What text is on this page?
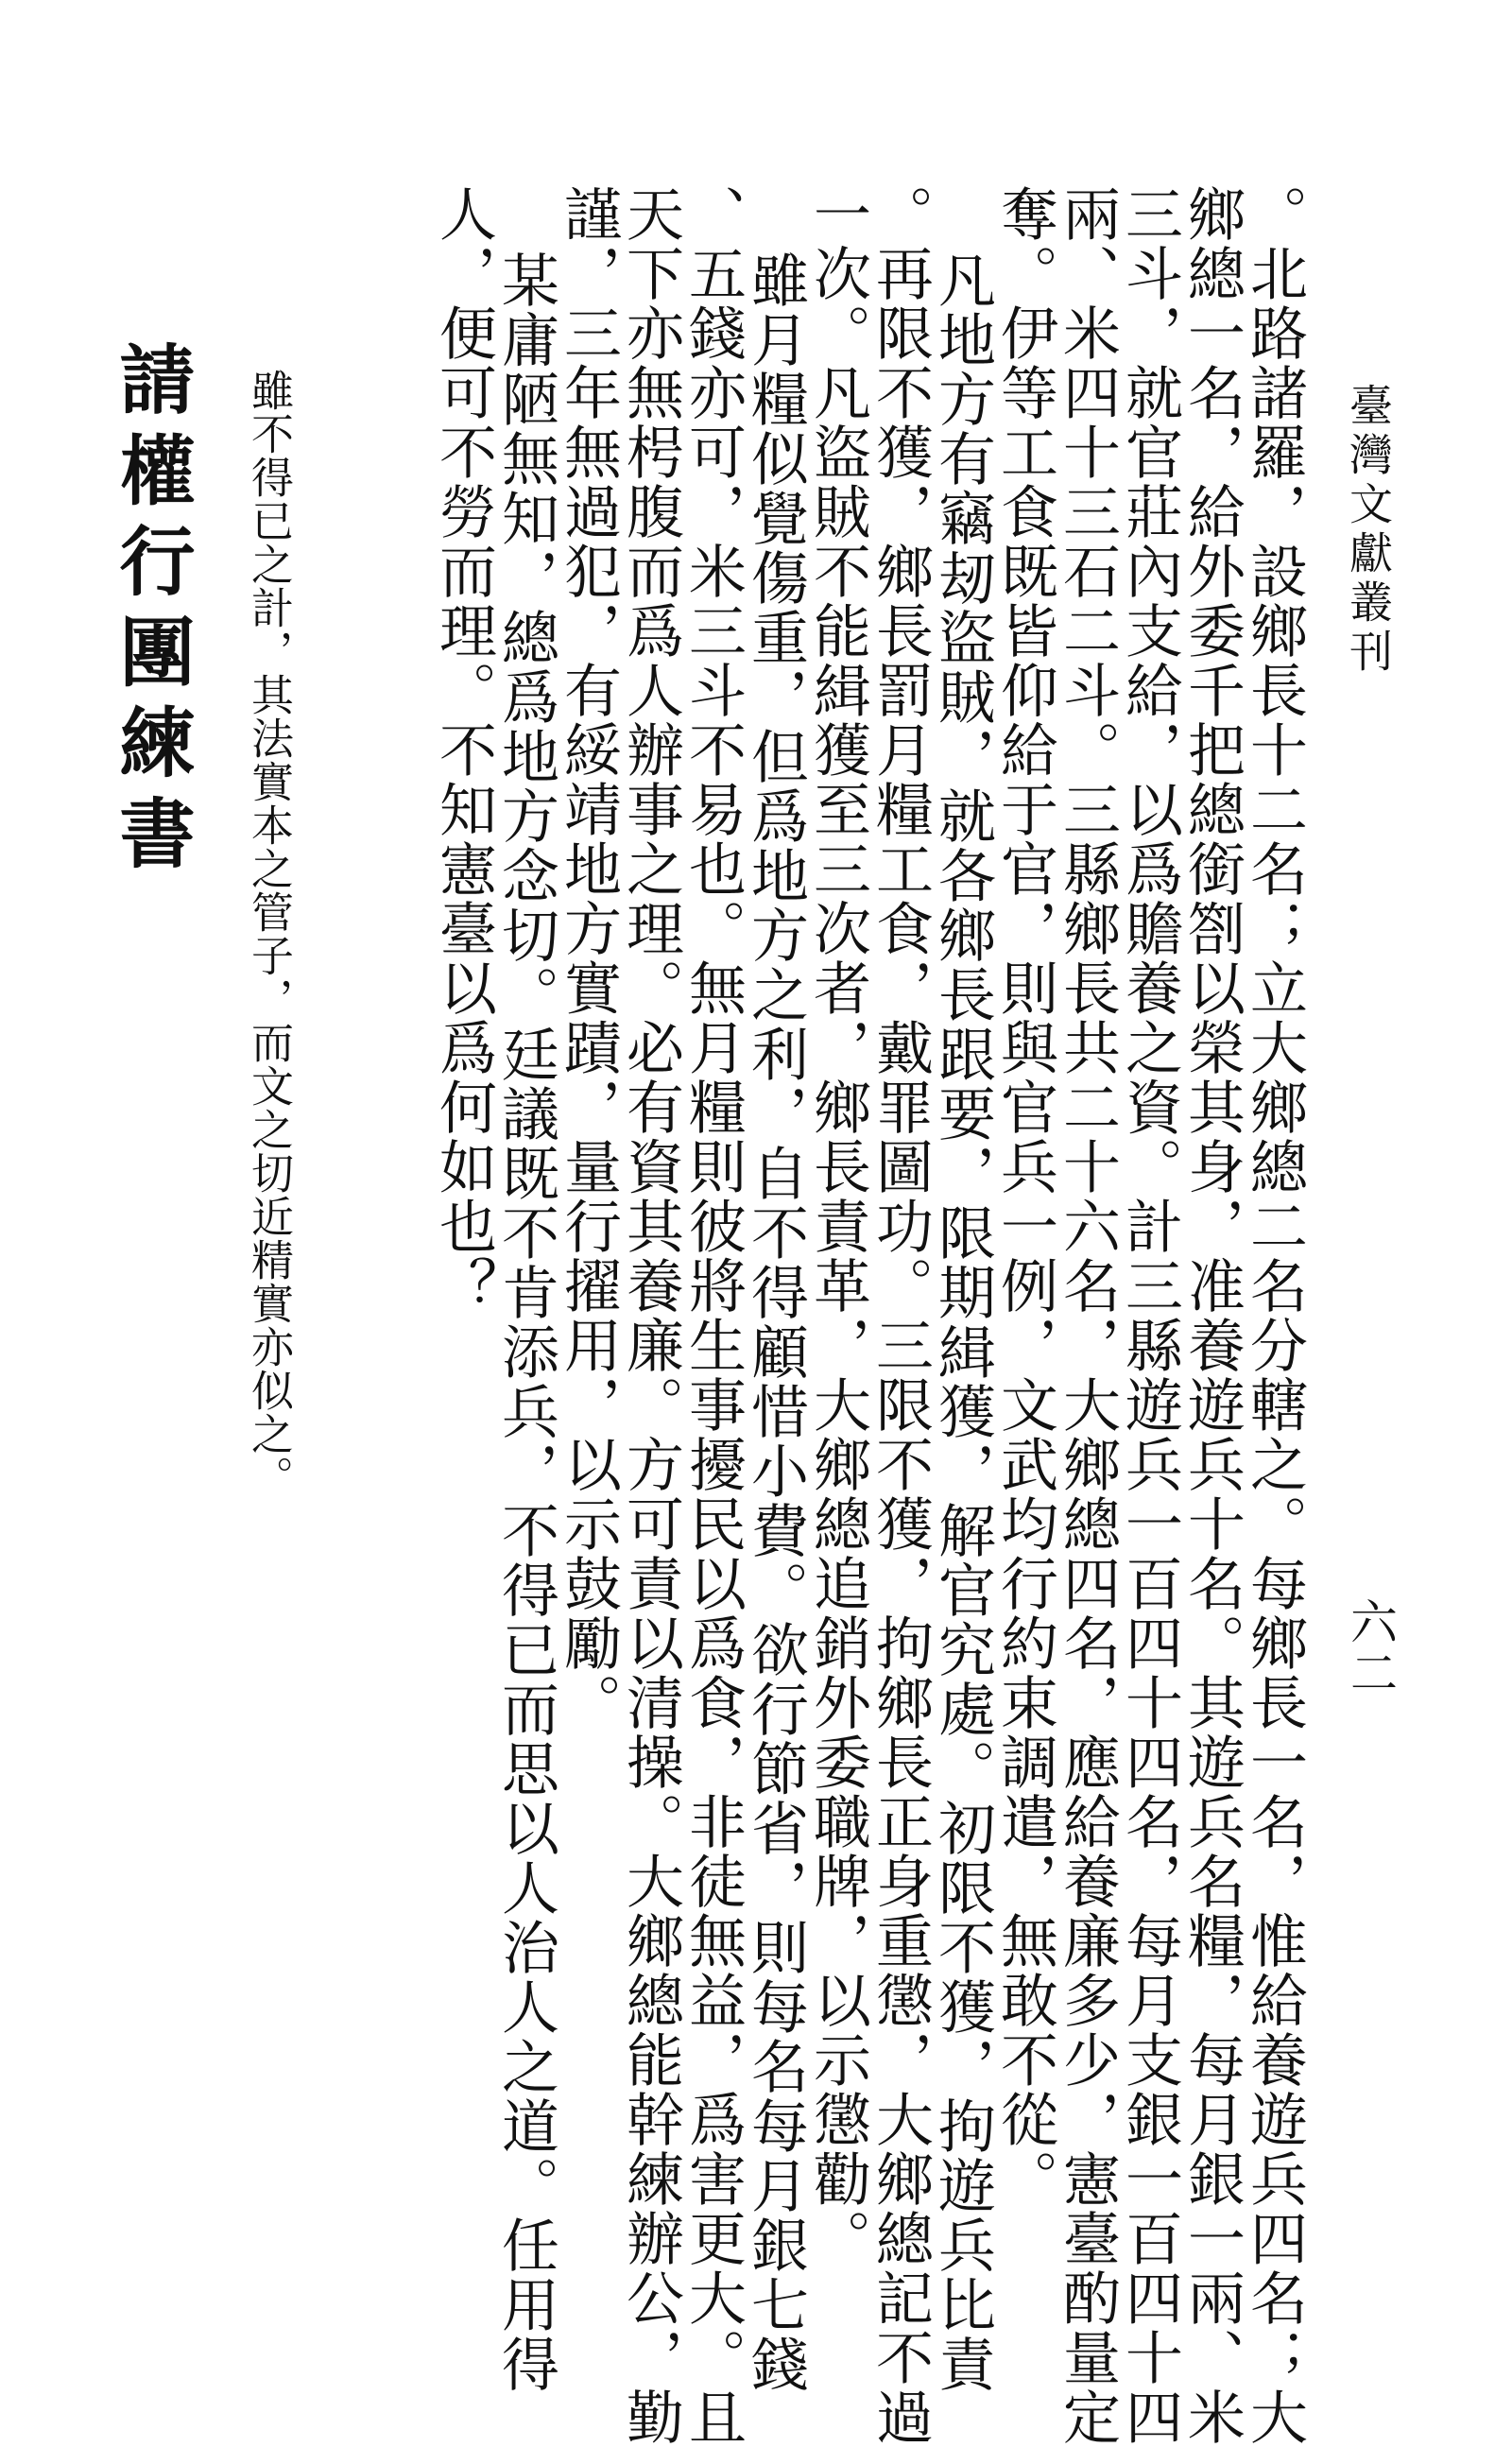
臺灣文獻叢刊
六二
。北路諸羅，設鄉長十二名；立大鄉總二名分轄之。每鄉長一名，惟給養遊兵四名；大
鄉總一名，給外委千把總銜劄以榮其身，准養遊兵十名。其遊兵名糧，每月銀一兩、米
三斗，就官莊內支給，以爲贍養之資。計三縣遊兵一百四十四名，每月支銀一百四十四
兩、米四十三石二斗。三縣鄉長共二十六名，大鄉總四名，應給養廉多少，憲臺酌量定
奪。伊等工食既皆仰給于官，則與官兵一例，文武均行約束調遣，無敢不從。
凡地方有竊刼盜賊，就各鄉長跟要，限期緝獲，解官究處。初限不獲，拘遊兵比責
。再限不獲，鄉長罰月糧工食，戴罪圖功。三限不獲，拘鄉長正身重懲，大鄉總記不過
一次。凡盜賊不能緝獲至三次者，鄉長責革，大鄉總追銷外委職牌，以示懲勸。
雖月糧似覺傷重，但爲地方之利，自不得顧惜小費。欲行節省，則每名每月銀七錢
、五錢亦可，米三斗不易也。無月糧則彼將生事擾民以爲食，非徒無益，爲害更大。且
天下亦無枵腹而爲人辦事之理。必有資其養廉。方可責以清操。大鄉總能幹練辦公，勤
謹，三年無過犯，有綏靖地方實蹟，量行擢用，以示鼓勵。
某庸陋無知，總爲地方念切。廷議既不肯添兵，不得已而思以人治人之道。任用得
人，便可不勞而理。不知憲臺以爲何如也？
雖不得已之計，其法實本之管子，而文之切近精實亦似之。
請權行團練書
